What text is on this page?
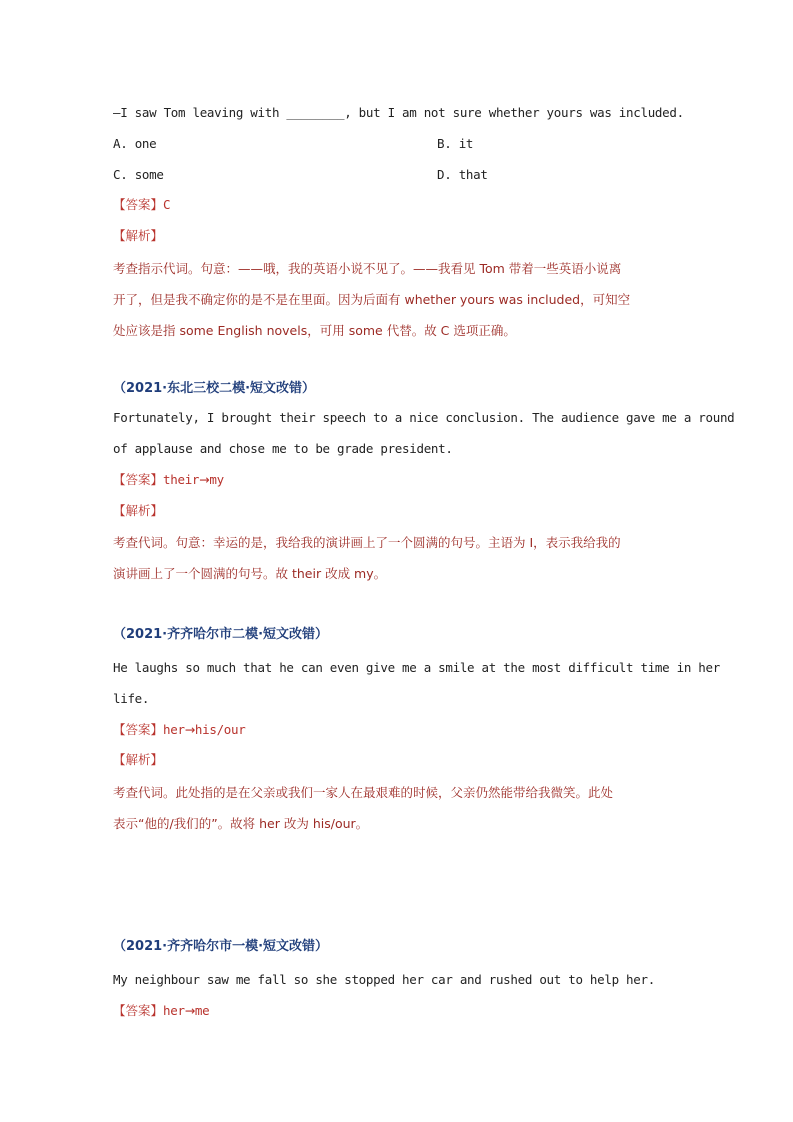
—I saw Tom leaving with ________, but I am not sure whether yours was included.
A. one	B. it
C. some	D. that
【答案】C
【解析】
考查指示代词。句意：——哦，我的英语小说不见了。——我看见 Tom 带着一些英语小说离
开了，但是我不确定你的是不是在里面。因为后面有 whether yours was included，可知空
处应该是指 some English novels，可用 some 代替。故 C 选项正确。
（2021·东北三校二模·短文改错）
Fortunately, I brought their speech to a nice conclusion. The audience gave me a round
of applause and chose me to be grade president.
【答案】their→my
【解析】
考查代词。句意：幸运的是，我给我的演讲画上了一个圆满的句号。主语为 I，表示我给我的
演讲画上了一个圆满的句号。故 their 改成 my。
（2021·齐齐哈尔市二模·短文改错）
He laughs so much that he can even give me a smile at the most difficult time in her
life.
【答案】her→his/our
【解析】
考查代词。此处指的是在父亲或我们一家人在最艰难的时候，父亲仍然能带给我微笑。此处
表示“他的/我们的”。故将 her 改为 his/our。
（2021·齐齐哈尔市一模·短文改错）
My neighbour saw me fall so she stopped her car and rushed out to help her.
【答案】her→me
